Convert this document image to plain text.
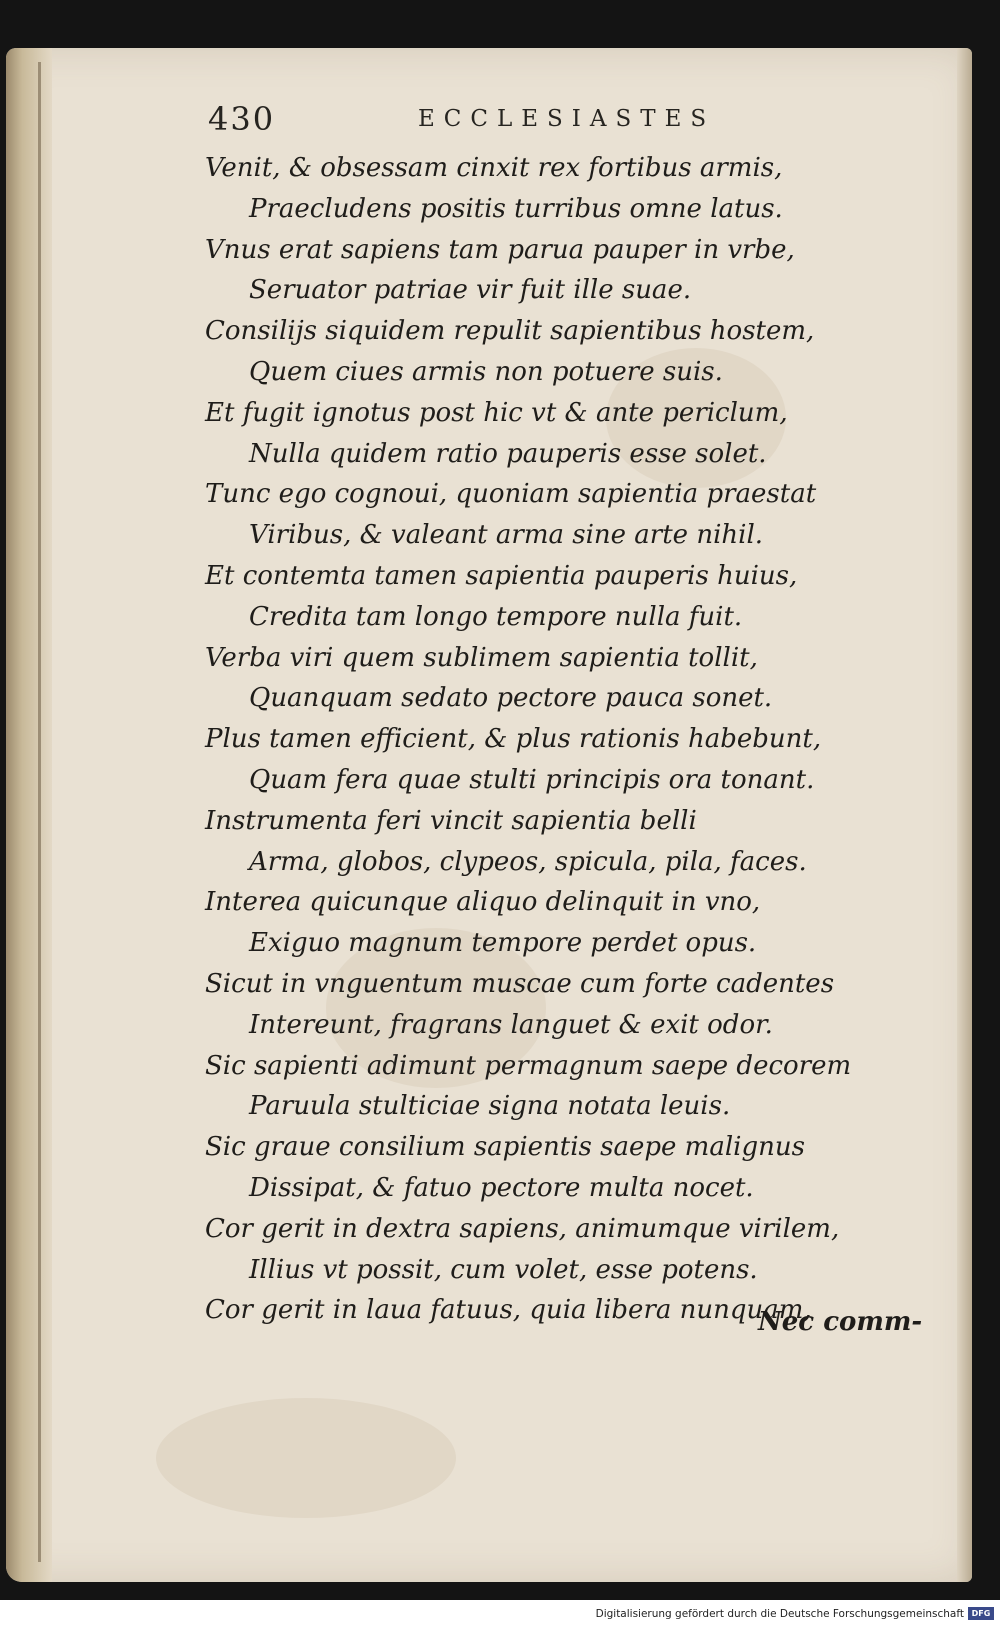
430	ECCLESIASTES
Venit, & obsessam cinxit rex fortibus armis,
Praecludens positis turribus omne latus.
Vnus erat sapiens tam parua pauper in vrbe,
Seruator patriae vir fuit ille suae.
Consilijs siquidem repulit sapientibus hostem,
Quem ciues armis non potuere suis.
Et fugit ignotus post hic vt & ante periclum,
Nulla quidem ratio pauperis esse solet.
Tunc ego cognoui, quoniam sapientia praestat
Viribus, & valeant arma sine arte nihil.
Et contemta tamen sapientia pauperis huius,
Credita tam longo tempore nulla fuit.
Verba viri quem sublimem sapientia tollit,
Quanquam sedato pectore pauca sonet.
Plus tamen efficient, & plus rationis habebunt,
Quam fera quae stulti principis ora tonant.
Instrumenta feri vincit sapientia belli
Arma, globos, clypeos, spicula, pila, faces.
Interea quicunque aliquo delinquit in vno,
Exiguo magnum tempore perdet opus.
Sicut in vnguentum muscae cum forte cadentes
Intereunt, fragrans languet & exit odor.
Sic sapienti adimunt permagnum saepe decorem
Paruula stulticiae signa notata leuis.
Sic graue consilium sapientis saepe malignus
Dissipat, & fatuo pectore multa nocet.
Cor gerit in dextra sapiens, animumque virilem,
Illius vt possit, cum volet, esse potens.
Cor gerit in laua fatuus, quia libera nunquam,
Nec comm-
Digitalisierung gefördert durch die Deutsche Forschungsgemeinschaft DFG
